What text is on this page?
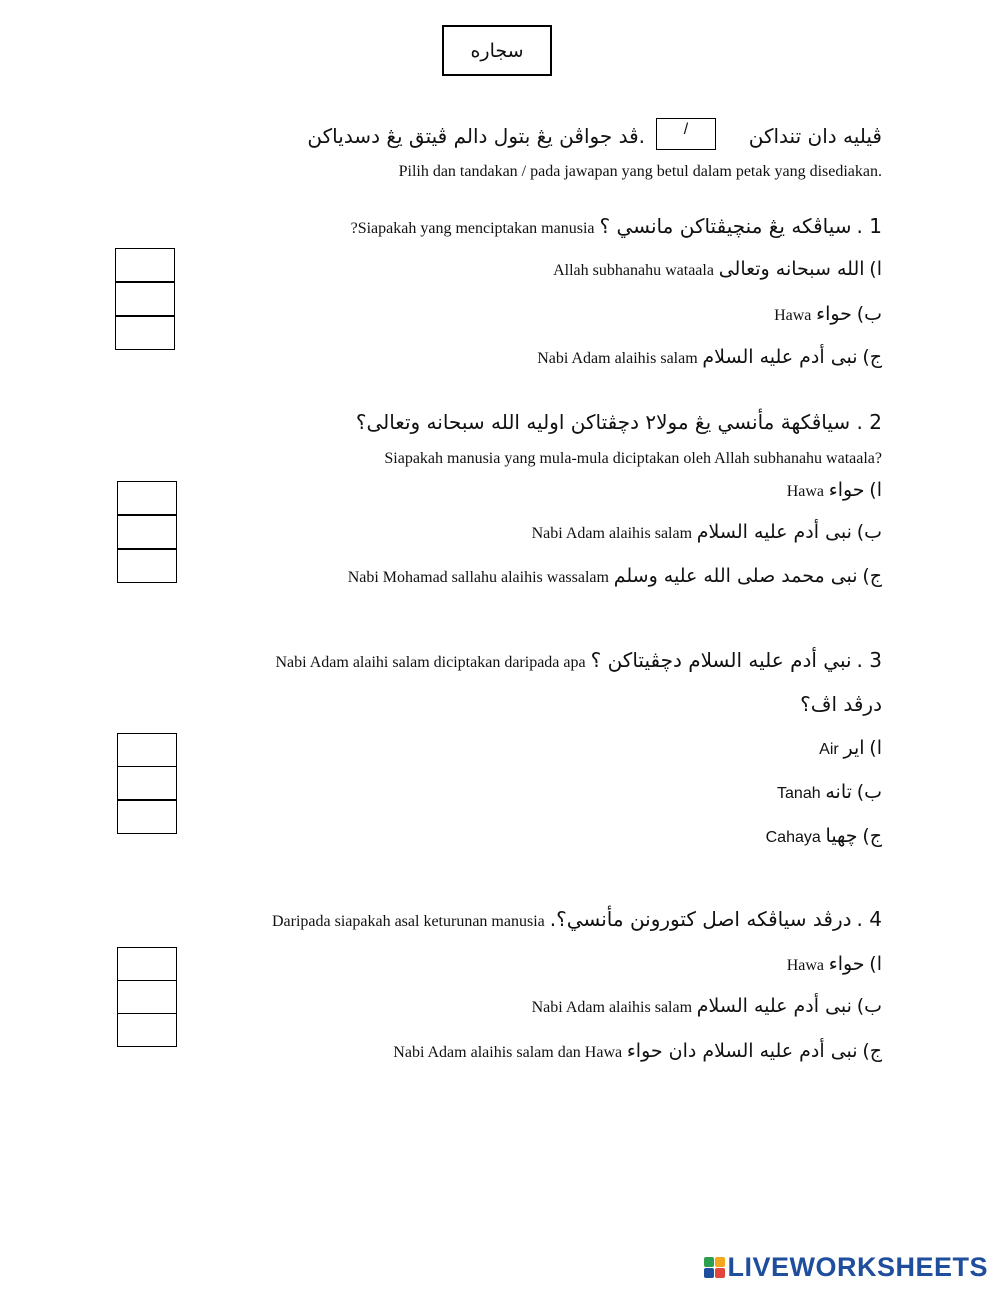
سجاره
ڤيليه دان تنداكن
/
ڤد جواڤن يڠ بتول دالم ڤيتق يڠ دسدياكن.
Pilih dan tandakan / pada jawapan yang betul dalam petak yang disediakan.
1 . سياڤكه يڠ منچيڤتاكن مانسي ؟ Siapakah yang menciptakan manusia?
ا) الله سبحانه وتعالى Allah subhanahu wataala
ب) حواء Hawa
ج) نبى أدم عليه السلام Nabi Adam alaihis salam
2 . سياڤكهة مأنسي يڠ مولا٢ دچڤتاكن اوليه الله سبحانه وتعالى؟
Siapakah manusia yang mula-mula diciptakan oleh Allah subhanahu wataala?
ا) حواء Hawa
ب) نبى أدم عليه السلام Nabi Adam alaihis salam
ج) نبى محمد صلى الله عليه وسلم Nabi Mohamad sallahu alaihis wassalam
3 . نبي أدم عليه السلام دچڤيتاكن ؟ Nabi Adam alaihi salam diciptakan daripada apa
درڤد اڤ؟
ا) اير Air
ب) تانه Tanah
ج) چهيا Cahaya
4 . درڤد سياڤكه اصل كتورونن مأنسي؟. Daripada siapakah asal keturunan manusia
ا) حواء Hawa
ب) نبى أدم عليه السلام Nabi Adam alaihis salam
ج) نبى أدم عليه السلام دان حواء Nabi Adam alaihis salam dan Hawa
LIVEWORKSHEETS
